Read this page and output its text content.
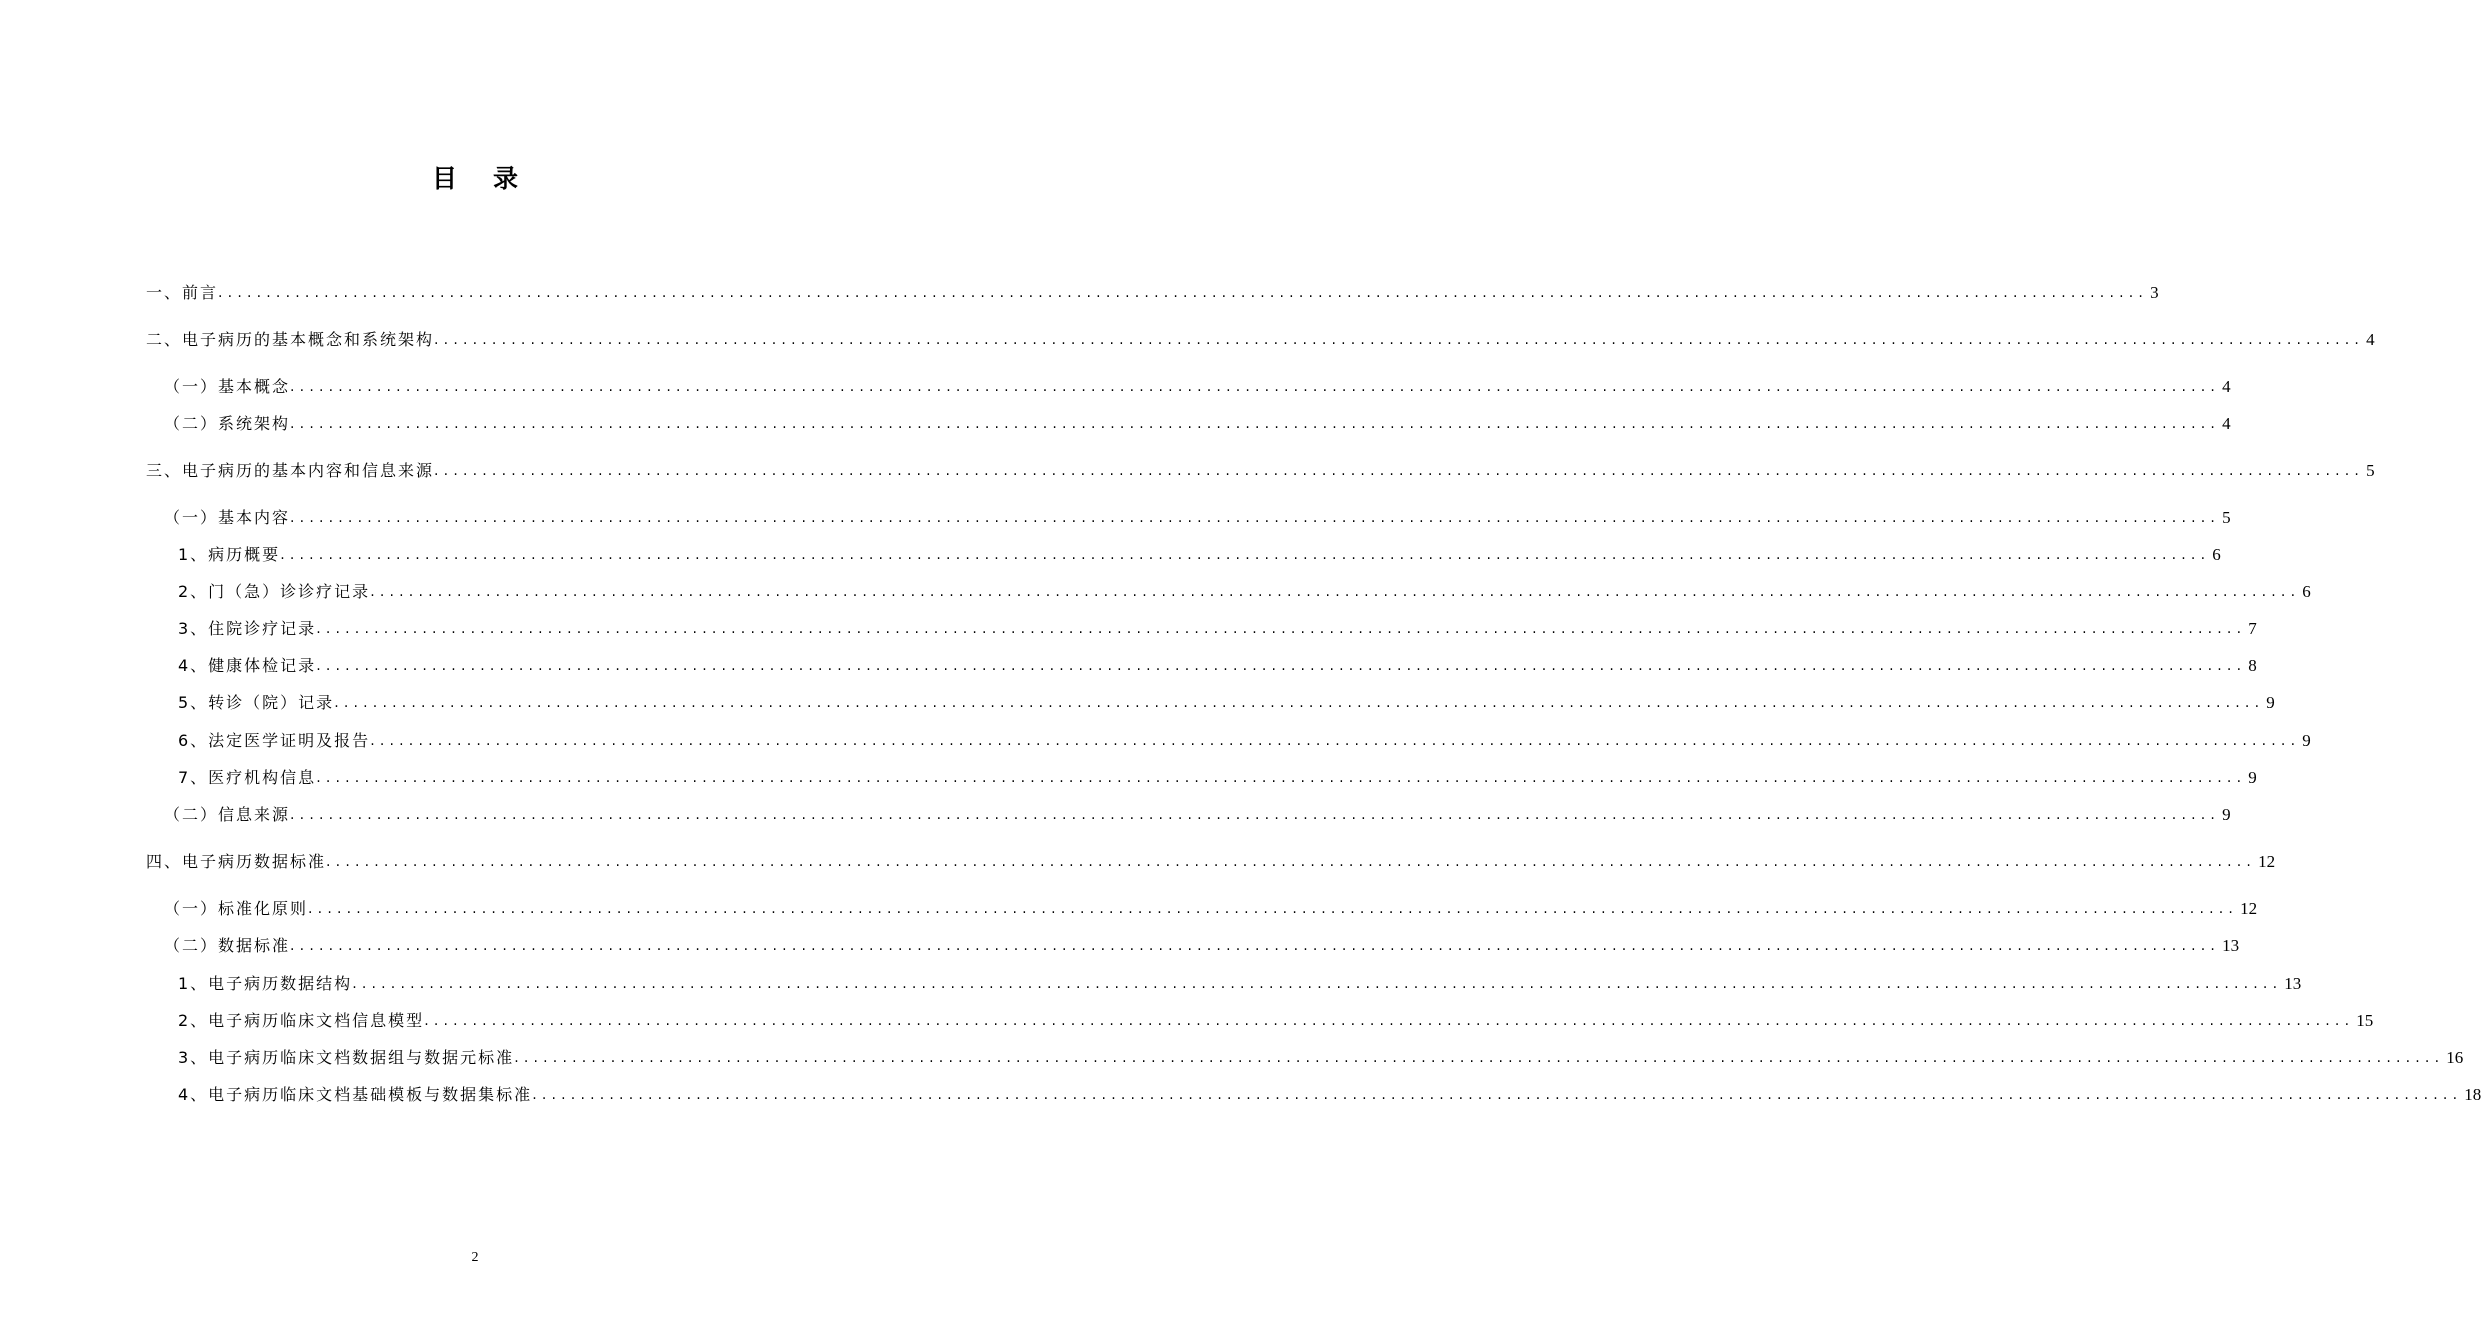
目录
一、前言 ........................................................................................................................................................................................................ 3
二、电子病历的基本概念和系统架构 ........................................................................................................................................................................................................ 4
（一）基本概念 ........................................................................................................................................................................................................ 4
（二）系统架构 ........................................................................................................................................................................................................ 4
三、电子病历的基本内容和信息来源 ........................................................................................................................................................................................................ 5
（一）基本内容 ........................................................................................................................................................................................................ 5
1、病历概要 ........................................................................................................................................................................................................ 6
2、门（急）诊诊疗记录 ........................................................................................................................................................................................................ 6
3、住院诊疗记录 ........................................................................................................................................................................................................ 7
4、健康体检记录 ........................................................................................................................................................................................................ 8
5、转诊（院）记录 ........................................................................................................................................................................................................ 9
6、法定医学证明及报告 ........................................................................................................................................................................................................ 9
7、医疗机构信息 ........................................................................................................................................................................................................ 9
（二）信息来源 ........................................................................................................................................................................................................ 9
四、电子病历数据标准 ........................................................................................................................................................................................................ 12
（一）标准化原则 ........................................................................................................................................................................................................ 12
（二）数据标准 ........................................................................................................................................................................................................ 13
1、电子病历数据结构 ........................................................................................................................................................................................................ 13
2、电子病历临床文档信息模型 ........................................................................................................................................................................................................ 15
3、电子病历临床文档数据组与数据元标准 ........................................................................................................................................................................................................ 16
4、电子病历临床文档基础模板与数据集标准 ........................................................................................................................................................................................................ 18
2
